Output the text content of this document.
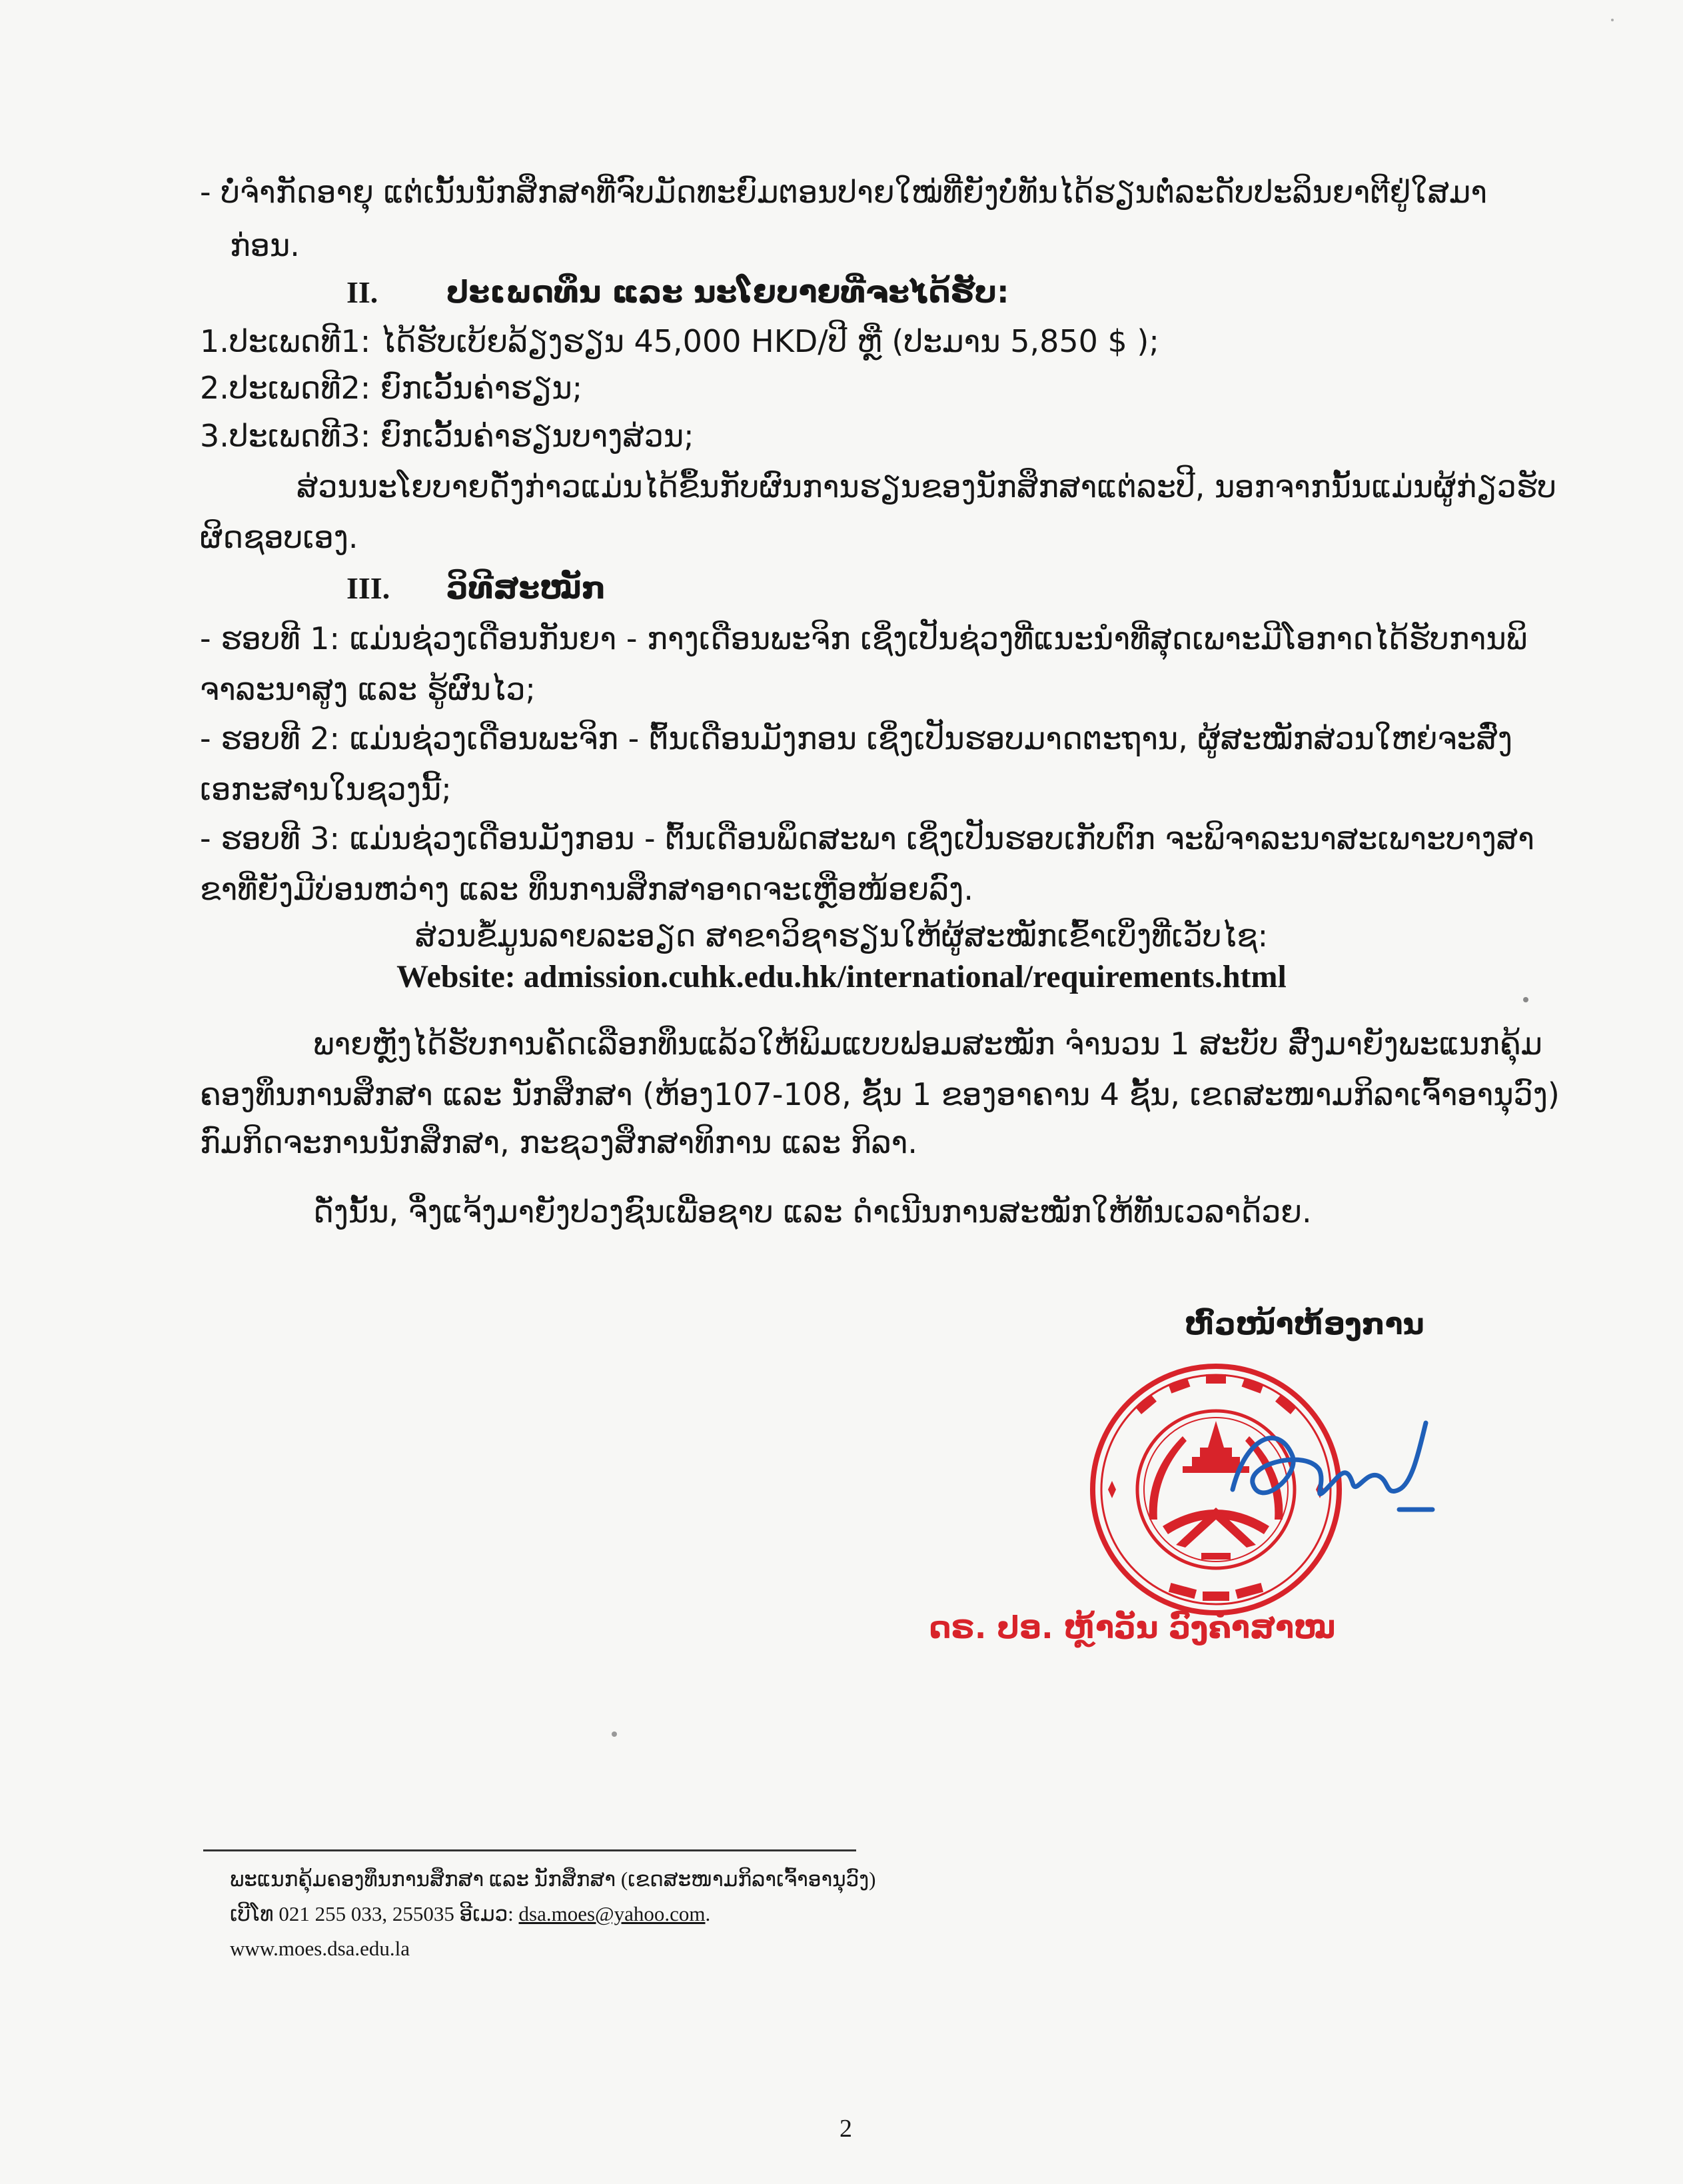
- ບໍ່ຈຳກັດອາຍຸ ແຕ່ເນັ້ນນັກສຶກສາທີ່ຈົບມັດທະຍົມຕອນປາຍໃໝ່ທີ່ຍັງບໍ່ທັນໄດ້ຮຽນຕໍ່ລະດັບປະລິນຍາຕີຢູ່ໃສມາ
ກ່ອນ.
II. ປະເພດທຶນ ແລະ ນະໂຍບາຍທີ່ຈະໄດ້ຮັບ:
1.ປະເພດທີ1: ໄດ້ຮັບເບ້ຍລ້ຽງຮຽນ 45,000 HKD/ປີ ຫຼື (ປະມານ 5,850 $ );
2.ປະເພດທີ2: ຍົກເວັ້ນຄ່າຮຽນ;
3.ປະເພດທີ3: ຍົກເວັ້ນຄ່າຮຽນບາງສ່ວນ;
ສ່ວນນະໂຍບາຍດັ່ງກ່າວແມ່ນໄດ້ຂຶ້ນກັບຜົນການຮຽນຂອງນັກສຶກສາແຕ່ລະປີ, ນອກຈາກນັ້ນແມ່ນຜູ້ກ່ຽວຮັບ
ຜິດຊອບເອງ.
III. ວິທີສະໝັກ
- ຮອບທີ 1: ແມ່ນຊ່ວງເດືອນກັນຍາ - ກາງເດືອນພະຈິກ ເຊິ່ງເປັນຊ່ວງທີ່ແນະນຳທີ່ສຸດເພາະມີໂອກາດໄດ້ຮັບການພິ
ຈາລະນາສູງ ແລະ ຮູ້ຜົນໄວ;
- ຮອບທີ 2: ແມ່ນຊ່ວງເດືອນພະຈິກ - ຕົ້ນເດືອນມັງກອນ ເຊິ່ງເປັນຮອບມາດຕະຖານ, ຜູ້ສະໝັກສ່ວນໃຫຍ່ຈະສົ່ງ
ເອກະສານໃນຊວງນີ້;
- ຮອບທີ 3: ແມ່ນຊ່ວງເດືອນມັງກອນ - ຕົ້ນເດືອນພຶດສະພາ ເຊິ່ງເປັນຮອບເກັບຕົກ ຈະພິຈາລະນາສະເພາະບາງສາ
ຂາທີ່ຍັງມີບ່ອນຫວ່າງ ແລະ ທຶນການສຶກສາອາດຈະເຫຼືອໜ້ອຍລົງ.
ສ່ວນຂໍ້ມູນລາຍລະອຽດ ສາຂາວິຊາຮຽນໃຫ້ຜູ້ສະໝັກເຂົ້າເບິ່ງທີ່ເວັບໄຊ:
Website: admission.cuhk.edu.hk/international/requirements.html
ພາຍຫຼັງໄດ້ຮັບການຄັດເລືອກທຶນແລ້ວໃຫ້ພິມແບບຟອມສະໝັກ ຈຳນວນ 1 ສະບັບ ສົ່ງມາຍັງພະແນກຄຸ້ມ
ຄອງທຶນການສຶກສາ ແລະ ນັກສຶກສາ (ຫ້ອງ107-108, ຊັ້ນ 1 ຂອງອາຄານ 4 ຊັ້ນ, ເຂດສະໜາມກິລາເຈົ້າອານຸວົງ)
ກົມກິດຈະການນັກສຶກສາ, ກະຊວງສຶກສາທິການ ແລະ ກິລາ.
ດັ່ງນັ້ນ, ຈຶ່ງແຈ້ງມາຍັງປວງຊົນເພື່ອຊາບ ແລະ ດຳເນີນການສະໝັກໃຫ້ທັນເວລາດ້ວຍ.
ຫົວໜ້າຫ້ອງການ
ດຣ. ປອ. ຫຼ້າວັນ ວົງຄຳສາໝ
ພະແນກຄຸ້ມຄອງທຶນການສຶກສາ ແລະ ນັກສຶກສາ (ເຂດສະໜາມກິລາເຈົ້າອານຸວົງ)
ເບີໂທ 021 255 033, 255035 ອີເມວ: dsa.moes@yahoo.com.
www.moes.dsa.edu.la
2
